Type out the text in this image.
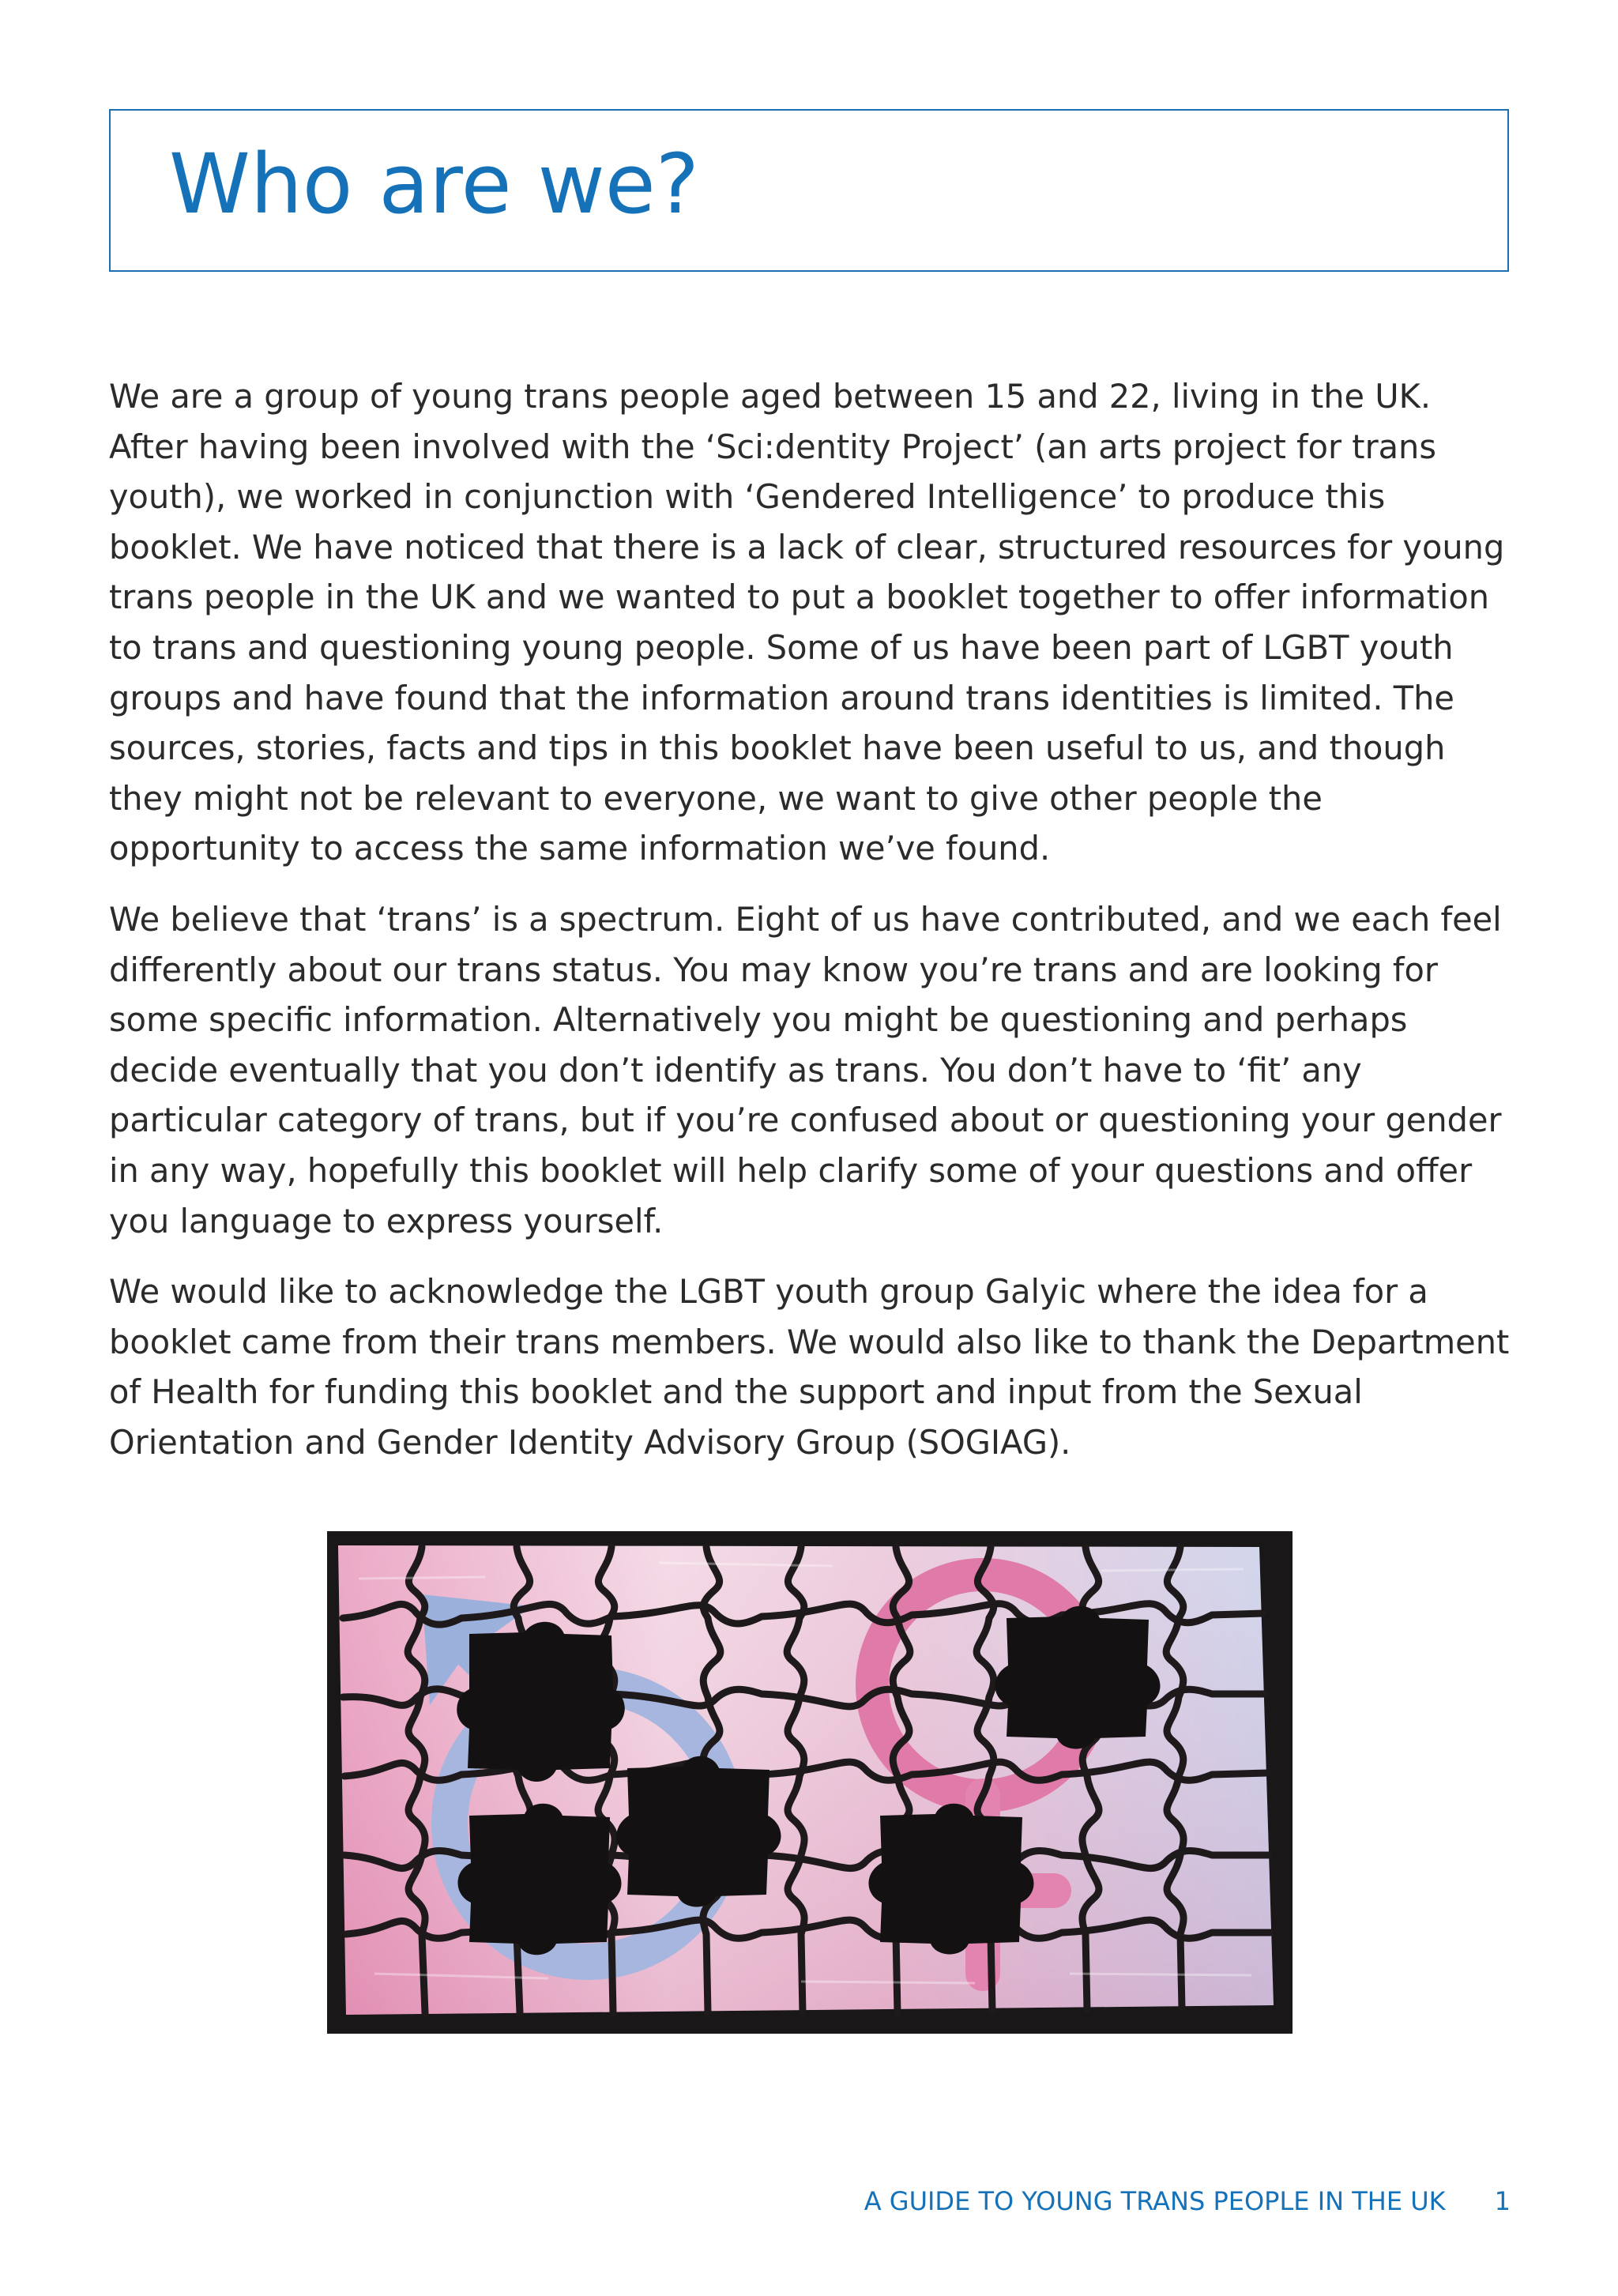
Who are we?

We are a group of young trans people aged between 15 and 22, living in the UK. After having been involved with the ‘Sci:dentity Project’ (an arts project for trans youth), we worked in conjunction with ‘Gendered Intelligence’ to produce this booklet. We have noticed that there is a lack of clear, structured resources for young trans people in the UK and we wanted to put a booklet together to offer information to trans and questioning young people. Some of us have been part of LGBT youth groups and have found that the information around trans identities is limited. The sources, stories, facts and tips in this booklet have been useful to us, and though they might not be relevant to everyone, we want to give other people the opportunity to access the same information we’ve found.

We believe that ‘trans’ is a spectrum. Eight of us have contributed, and we each feel differently about our trans status. You may know you’re trans and are looking for some specific information. Alternatively you might be questioning and perhaps decide eventually that you don’t identify as trans. You don’t have to ‘fit’ any particular category of trans, but if you’re confused about or questioning your gender in any way, hopefully this booklet will help clarify some of your questions and offer you language to express yourself.

We would like to acknowledge the LGBT youth group Galyic where the idea for a booklet came from their trans members. We would also like to thank the Department of Health for funding this booklet and the support and input from the Sexual Orientation and Gender Identity Advisory Group (SOGIAG).

A GUIDE TO YOUNG TRANS PEOPLE IN THE UK 1
